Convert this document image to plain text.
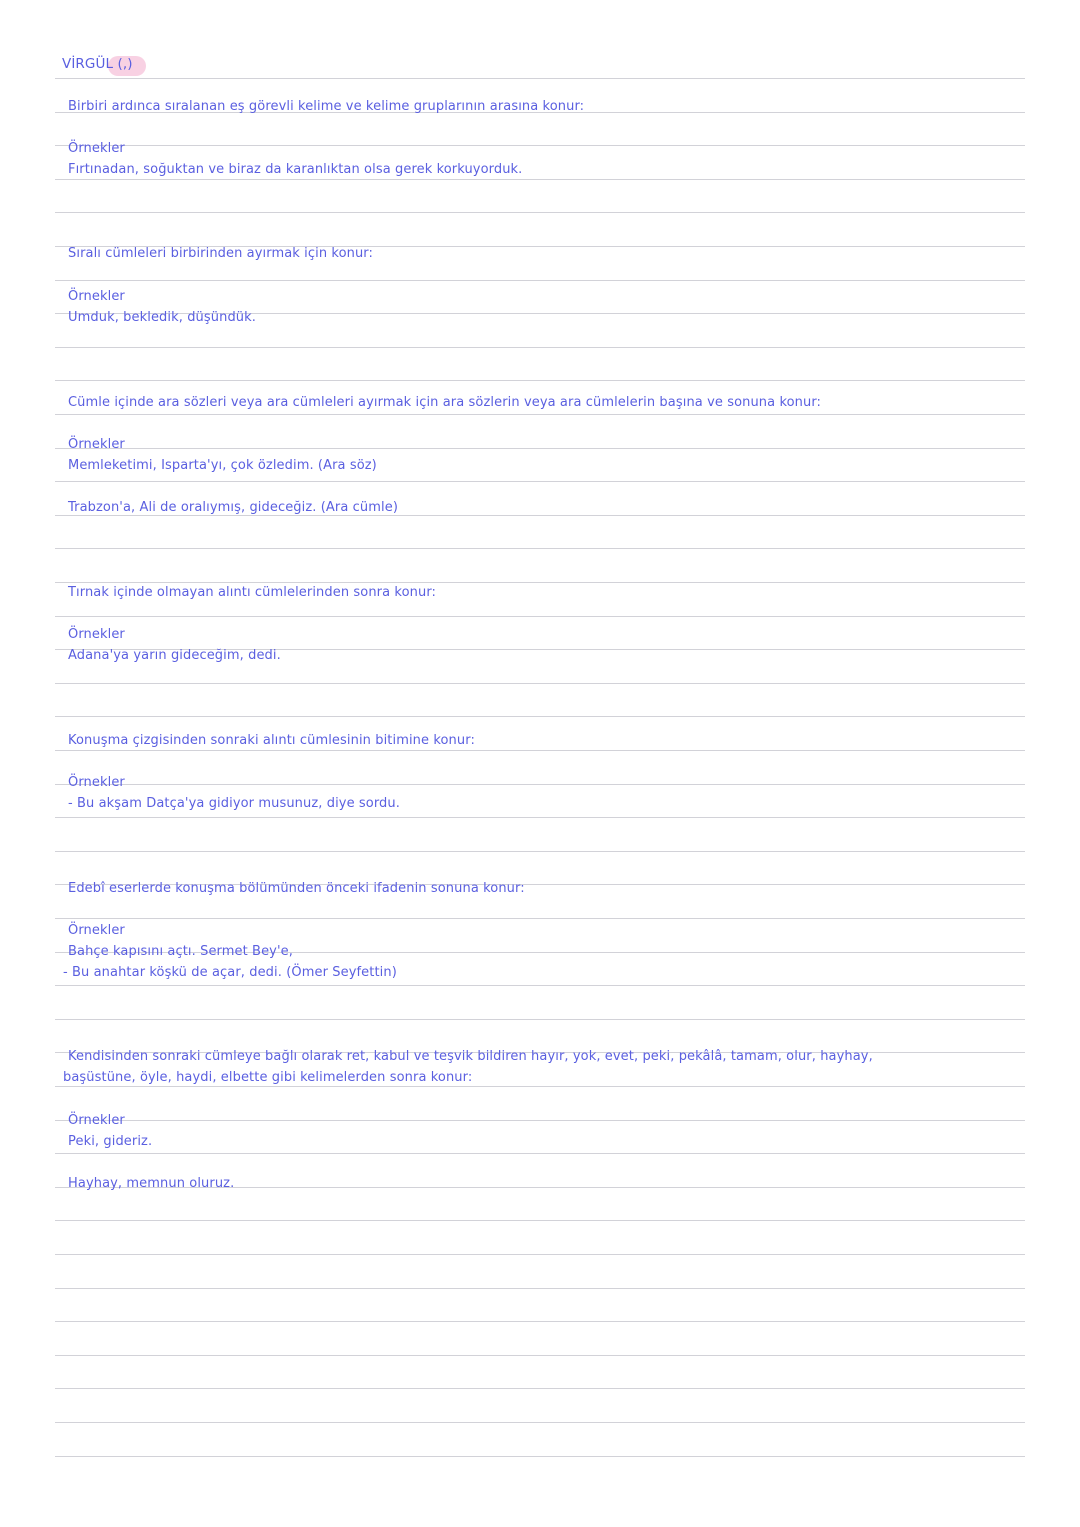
VİRGÜL (,)
Birbiri ardınca sıralanan eş görevli kelime ve kelime gruplarının arasına konur:
Örnekler
Fırtınadan, soğuktan ve biraz da karanlıktan olsa gerek korkuyorduk.
Sıralı cümleleri birbirinden ayırmak için konur:
Örnekler
Umduk, bekledik, düşündük.
Cümle içinde ara sözleri veya ara cümleleri ayırmak için ara sözlerin veya ara cümlelerin başına ve sonuna konur:
Örnekler
Memleketimi, Isparta'yı, çok özledim. (Ara söz)
Trabzon'a, Ali de oralıymış, gideceğiz. (Ara cümle)
Tırnak içinde olmayan alıntı cümlelerinden sonra konur:
Örnekler
Adana'ya yarın gideceğim, dedi.
Konuşma çizgisinden sonraki alıntı cümlesinin bitimine konur:
Örnekler
- Bu akşam Datça'ya gidiyor musunuz, diye sordu.
Edebî eserlerde konuşma bölümünden önceki ifadenin sonuna konur:
Örnekler
Bahçe kapısını açtı. Sermet Bey'e,
- Bu anahtar köşkü de açar, dedi. (Ömer Seyfettin)
Kendisinden sonraki cümleye bağlı olarak ret, kabul ve teşvik bildiren hayır, yok, evet, peki, pekâlâ, tamam, olur, hayhay,
başüstüne, öyle, haydi, elbette gibi kelimelerden sonra konur:
Örnekler
Peki, gideriz.
Hayhay, memnun oluruz.
